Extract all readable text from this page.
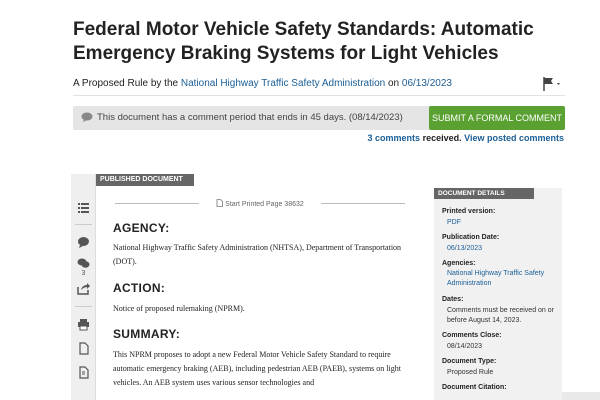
Federal Motor Vehicle Safety Standards: Automatic Emergency Braking Systems for Light Vehicles
A Proposed Rule by the National Highway Traffic Safety Administration on 06/13/2023
This document has a comment period that ends in 45 days. (08/14/2023)	SUBMIT A FORMAL COMMENT
3 comments received. View posted comments
3
PUBLISHED DOCUMENT
Start Printed Page 38632
AGENCY:

National Highway Traffic Safety Administration (NHTSA), Department of Transportation (DOT).

ACTION:

Notice of proposed rulemaking (NPRM).

SUMMARY:

This NPRM proposes to adopt a new Federal Motor Vehicle Safety Standard to require automatic emergency braking (AEB), including pedestrian AEB (PAEB), systems on light vehicles. An AEB system uses various sensor technologies and

DOCUMENT DETAILS
Printed version:
PDF
Publication Date:
06/13/2023
Agencies:
National Highway Traffic Safety Administration
Dates:
Comments must be received on or before August 14, 2023.
Comments Close:
08/14/2023
Document Type:
Proposed Rule
Document Citation:
